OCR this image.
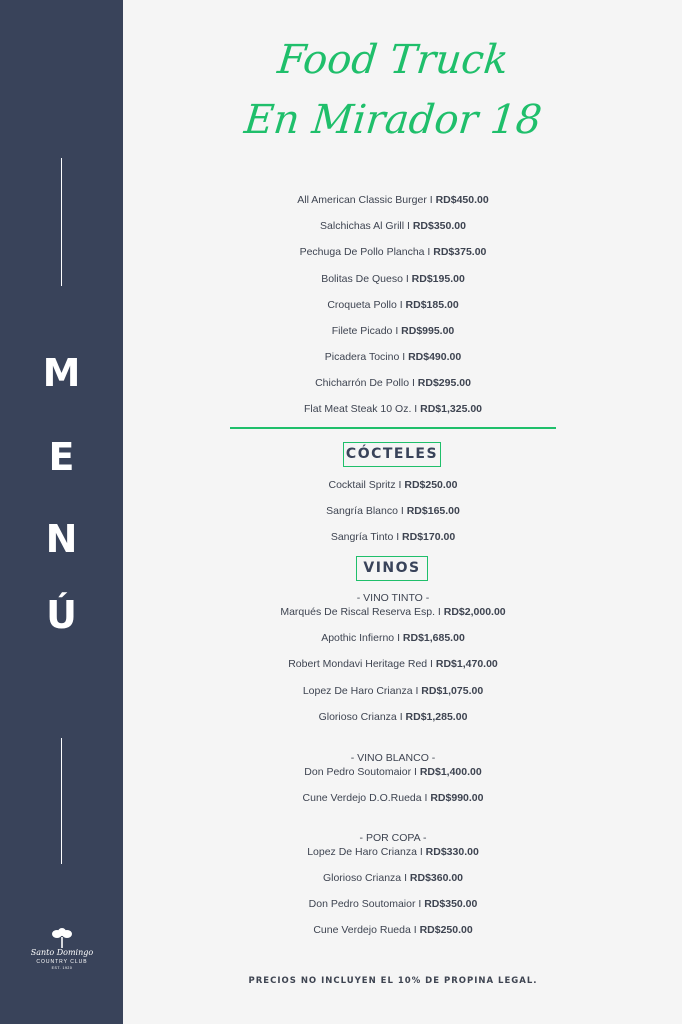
M
E
N
Ú
Santo Domingo
COUNTRY CLUB
EST. 1920
Food Truck
En Mirador 18
All American Classic Burger I RD$450.00
Salchichas Al Grill I RD$350.00
Pechuga De Pollo Plancha I RD$375.00
Bolitas De Queso I RD$195.00
Croqueta Pollo I RD$185.00
Filete Picado I RD$995.00
Picadera Tocino I RD$490.00
Chicharrón De Pollo I RD$295.00
Flat Meat Steak 10 Oz. I RD$1,325.00
CÓCTELES
Cocktail Spritz I RD$250.00
Sangría Blanco I RD$165.00
Sangría Tinto I RD$170.00
VINOS
- VINO TINTO -
Marqués De Riscal Reserva Esp. I RD$2,000.00
Apothic Infierno I RD$1,685.00
Robert Mondavi Heritage Red I RD$1,470.00
Lopez De Haro Crianza I RD$1,075.00
Glorioso Crianza I RD$1,285.00
- VINO BLANCO -
Don Pedro Soutomaior I RD$1,400.00
Cune Verdejo D.O.Rueda I RD$990.00
- POR COPA -
Lopez De Haro Crianza I RD$330.00
Glorioso Crianza I RD$360.00
Don Pedro Soutomaior I RD$350.00
Cune Verdejo Rueda I RD$250.00
PRECIOS NO INCLUYEN EL 10% DE PROPINA LEGAL.
